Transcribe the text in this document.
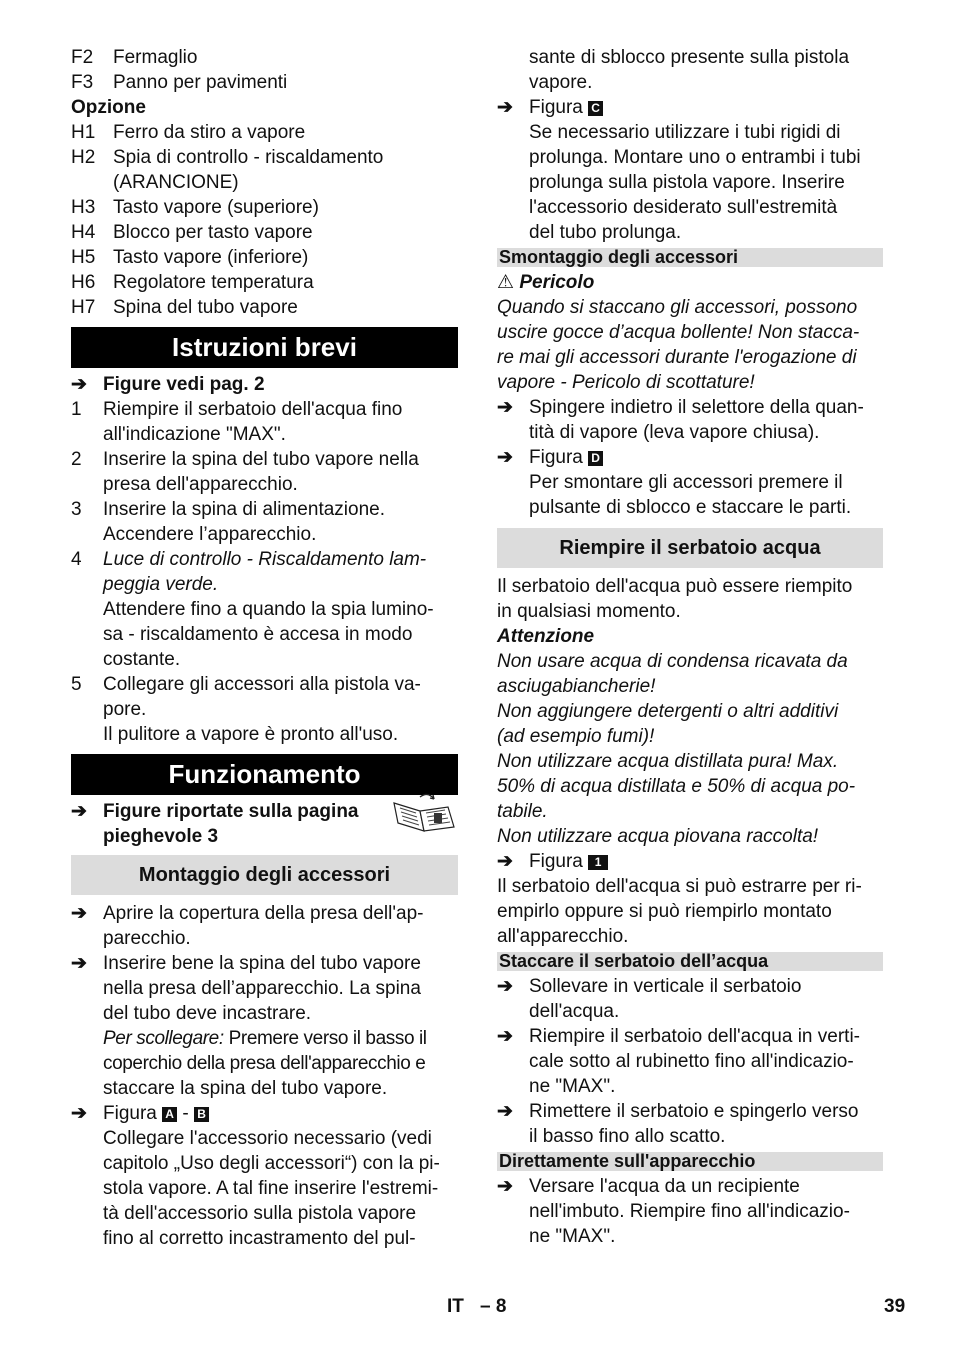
F2 Fermaglio
F3 Panno per pavimenti
Opzione
H1 Ferro da stiro a vapore
H2 Spia di controllo - riscaldamento
(ARANCIONE)
H3 Tasto vapore (superiore)
H4 Blocco per tasto vapore
H5 Tasto vapore (inferiore)
H6 Regolatore temperatura
H7 Spina del tubo vapore
Istruzioni brevi
➔ Figure vedi pag. 2
1 Riempire il serbatoio dell'acqua fino
all'indicazione "MAX".
2 Inserire la spina del tubo vapore nella
presa dell'apparecchio.
3 Inserire la spina di alimentazione.
Accendere l’apparecchio.
4 Luce di controllo - Riscaldamento lam-
peggia verde.
Attendere fino a quando la spia lumino-
sa - riscaldamento è accesa in modo
costante.
5 Collegare gli accessori alla pistola va-
pore.
Il pulitore a vapore è pronto all'uso.
Funzionamento
➔ Figure riportate sulla pagina
pieghevole 3
Montaggio degli accessori
➔ Aprire la copertura della presa dell'ap-
parecchio.
➔ Inserire bene la spina del tubo vapore
nella presa dell’apparecchio. La spina
del tubo deve incastrare.
Per scollegare: Premere verso il basso il
coperchio della presa dell'apparecchio e
staccare la spina del tubo vapore.
➔ Figura A - B
Collegare l'accessorio necessario (vedi
capitolo „Uso degli accessori“) con la pi-
stola vapore. A tal fine inserire l'estremi-
tà dell'accessorio sulla pistola vapore
fino al corretto incastramento del pul-
sante di sblocco presente sulla pistola
vapore.
➔ Figura C
Se necessario utilizzare i tubi rigidi di
prolunga. Montare uno o entrambi i tubi
prolunga sulla pistola vapore. Inserire
l'accessorio desiderato sull'estremità
del tubo prolunga.
Smontaggio degli accessori
⚠ Pericolo
Quando si staccano gli accessori, possono
uscire gocce d’acqua bollente! Non stacca-
re mai gli accessori durante l'erogazione di
vapore - Pericolo di scottature!
➔ Spingere indietro il selettore della quan-
tità di vapore (leva vapore chiusa).
➔ Figura D
Per smontare gli accessori premere il
pulsante di sblocco e staccare le parti.
Riempire il serbatoio acqua
Il serbatoio dell'acqua può essere riempito
in qualsiasi momento.
Attenzione
Non usare acqua di condensa ricavata da
asciugabiancherie!
Non aggiungere detergenti o altri additivi
(ad esempio fumi)!
Non utilizzare acqua distillata pura! Max.
50% di acqua distillata e 50% di acqua po-
tabile.
Non utilizzare acqua piovana raccolta!
➔ Figura 1
Il serbatoio dell'acqua si può estrarre per ri-
empirlo oppure si può riempirlo montato
all'apparecchio.
Staccare il serbatoio dell’acqua
➔ Sollevare in verticale il serbatoio
dell'acqua.
➔ Riempire il serbatoio dell'acqua in verti-
cale sotto al rubinetto fino all'indicazio-
ne "MAX".
➔ Rimettere il serbatoio e spingerlo verso
il basso fino allo scatto.
Direttamente sull'apparecchio
➔ Versare l'acqua da un recipiente
nell'imbuto. Riempire fino all'indicazio-
ne "MAX".
IT – 8	39
